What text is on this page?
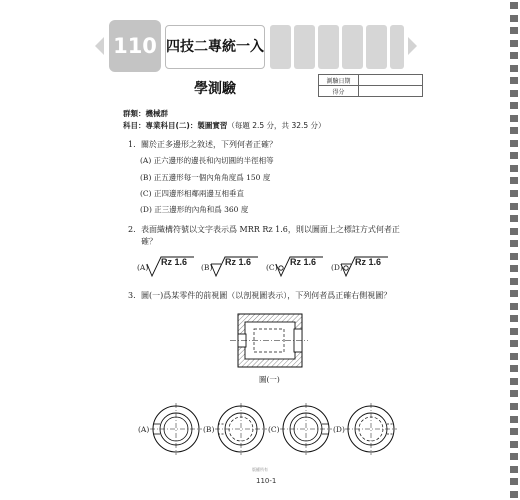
110 四技二專統一入學測驗	測驗日期	
得分	
群類：機械群
科目：專業科目(二)：製圖實習（每題 2.5 分，共 32.5 分）
1. 關於正多邊形之敘述，下列何者正確？
(A) 正六邊形的邊長和內切圓的半徑相等
(B) 正五邊形每一個內角角度爲 150 度
(C) 正四邊形相鄰兩邊互相垂直
(D) 正三邊形的內角和爲 360 度
2. 表面織構符號以文字表示爲 MRR Rz 1.6，則以圖面上之標註方式何者正
確？
(A)
Rz 1.6
(B)
Rz 1.6
(C)
Rz 1.6
(D)
Rz 1.6
3. 圖(一)爲某零件的前視圖（以剖視圖表示），下列何者爲正確右側視圖？
圖(一)
(A)	(B)	(C)	(D)
版權所有
110-1
